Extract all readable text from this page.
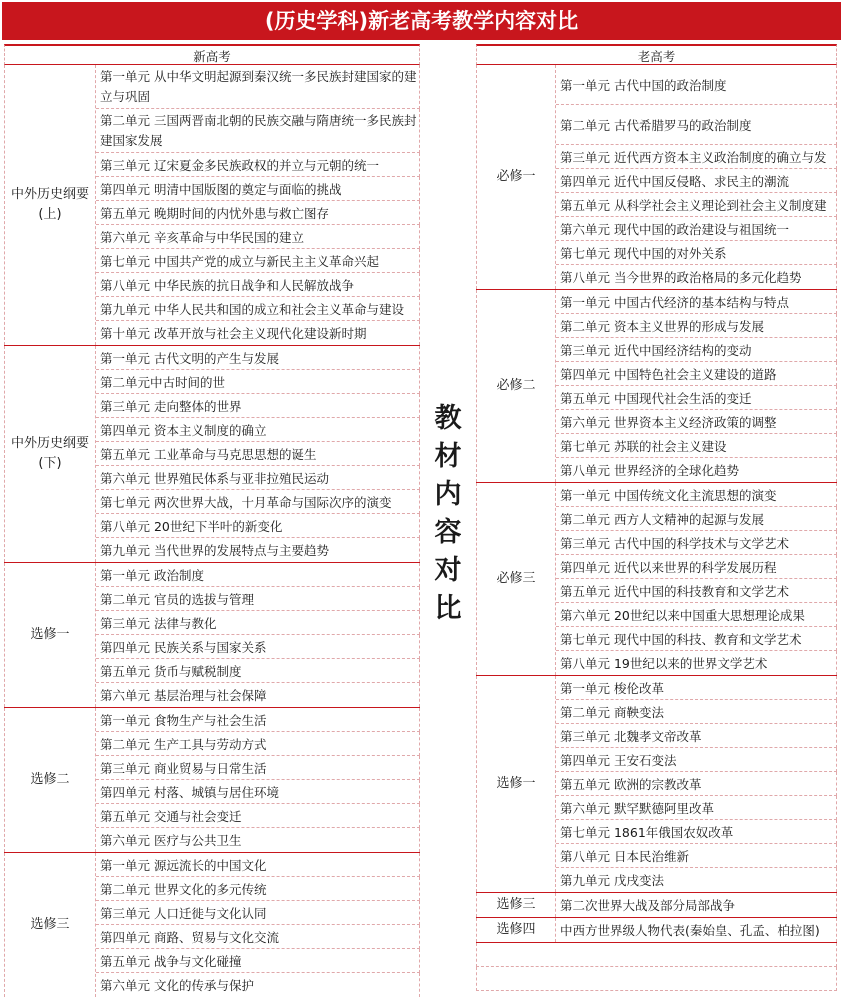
(历史学科)新老高考教学内容对比
新高考
中外历史纲要
(上)
第一单元 从中华文明起源到秦汉统一多民族封建国家的建立与巩固
第二单元 三国两晋南北朝的民族交融与隋唐统一多民族封建国家发展
第三单元 辽宋夏金多民族政权的并立与元朝的统一
第四单元 明清中国版图的奠定与面临的挑战
第五单元 晚期时间的内忧外患与救亡图存
第六单元 辛亥革命与中华民国的建立
第七单元 中国共产党的成立与新民主主义革命兴起
第八单元 中华民族的抗日战争和人民解放战争
第九单元 中华人民共和国的成立和社会主义革命与建设
第十单元 改革开放与社会主义现代化建设新时期
中外历史纲要
(下)
第一单元 古代文明的产生与发展
第二单元中古时间的世
第三单元 走向整体的世界
第四单元 资本主义制度的确立
第五单元 工业革命与马克思思想的诞生
第六单元 世界殖民体系与亚非拉殖民运动
第七单元 两次世界大战，十月革命与国际次序的演变
第八单元 20世纪下半叶的新变化
第九单元 当代世界的发展特点与主要趋势
选修一
第一单元 政治制度
第二单元 官员的选拔与管理
第三单元 法律与教化
第四单元 民族关系与国家关系
第五单元 货币与赋税制度
第六单元 基层治理与社会保障
选修二
第一单元 食物生产与社会生活
第二单元 生产工具与劳动方式
第三单元 商业贸易与日常生活
第四单元 村落、城镇与居住环境
第五单元 交通与社会变迁
第六单元 医疗与公共卫生
选修三
第一单元 源远流长的中国文化
第二单元 世界文化的多元传统
第三单元 人口迁徙与文化认同
第四单元 商路、贸易与文化交流
第五单元 战争与文化碰撞
第六单元 文化的传承与保护
教
材
内
容
对
比
老高考
必修一
第一单元 古代中国的政治制度
第二单元 古代希腊罗马的政治制度
第三单元 近代西方资本主义政治制度的确立与发
第四单元 近代中国反侵略、求民主的潮流
第五单元 从科学社会主义理论到社会主义制度建
第六单元 现代中国的政治建设与祖国统一
第七单元 现代中国的对外关系
第八单元 当今世界的政治格局的多元化趋势
必修二
第一单元 中国古代经济的基本结构与特点
第二单元 资本主义世界的形成与发展
第三单元 近代中国经济结构的变动
第四单元 中国特色社会主义建设的道路
第五单元 中国现代社会生活的变迁
第六单元 世界资本主义经济政策的调整
第七单元 苏联的社会主义建设
第八单元 世界经济的全球化趋势
必修三
第一单元 中国传统文化主流思想的演变
第二单元 西方人文精神的起源与发展
第三单元 古代中国的科学技术与文学艺术
第四单元 近代以来世界的科学发展历程
第五单元 近代中国的科技教育和文学艺术
第六单元 20世纪以来中国重大思想理论成果
第七单元 现代中国的科技、教育和文学艺术
第八单元 19世纪以来的世界文学艺术
选修一
第一单元 梭伦改革
第二单元 商鞅变法
第三单元 北魏孝文帝改革
第四单元 王安石变法
第五单元 欧洲的宗教改革
第六单元 默罕默德阿里改革
第七单元 1861年俄国农奴改革
第八单元 日本民治维新
第九单元 戊戌变法
选修三	第二次世界大战及部分局部战争
选修四	中西方世界级人物代表(秦始皇、孔孟、柏拉图)
